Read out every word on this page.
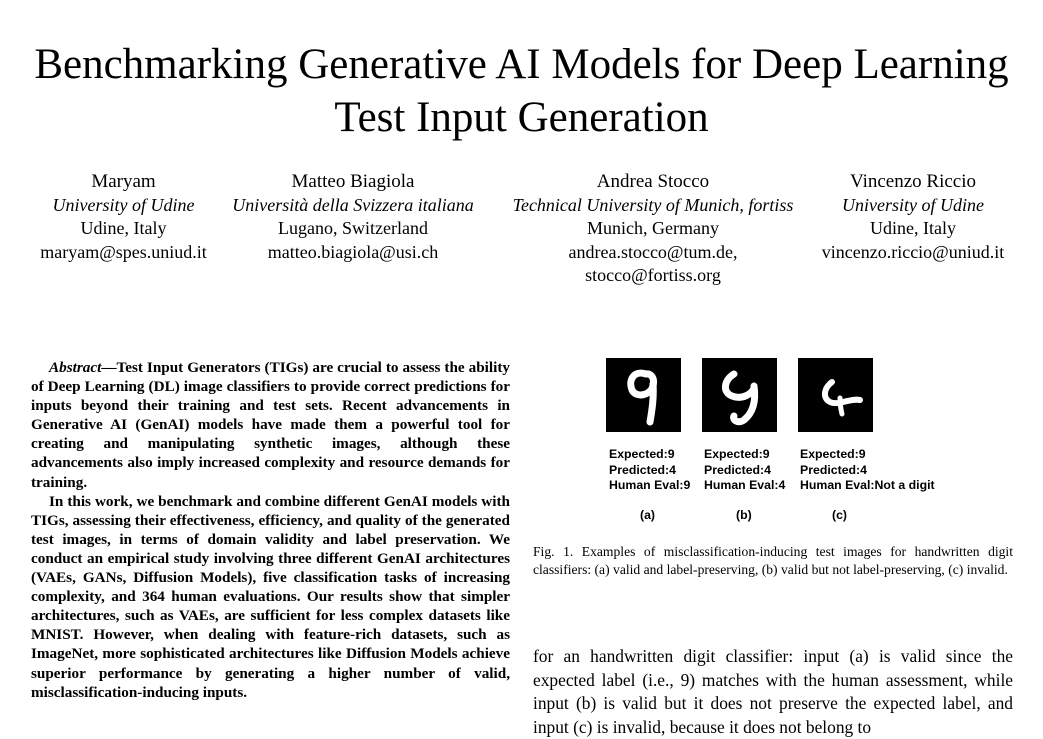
Benchmarking Generative AI Models for Deep Learning Test Input Generation
Maryam
University of Udine
Udine, Italy
maryam@spes.uniud.it
Matteo Biagiola
Università della Svizzera italiana
Lugano, Switzerland
matteo.biagiola@usi.ch
Andrea Stocco
Technical University of Munich, fortiss
Munich, Germany
andrea.stocco@tum.de,
stocco@fortiss.org
Vincenzo Riccio
University of Udine
Udine, Italy
vincenzo.riccio@uniud.it

Abstract—Test Input Generators (TIGs) are crucial to assess the ability of Deep Learning (DL) image classifiers to provide correct predictions for inputs beyond their training and test sets. Recent advancements in Generative AI (GenAI) models have made them a powerful tool for creating and manipulating synthetic images, although these advancements also imply increased complexity and resource demands for training.

In this work, we benchmark and combine different GenAI models with TIGs, assessing their effectiveness, efficiency, and quality of the generated test images, in terms of domain validity and label preservation. We conduct an empirical study involving three different GenAI architectures (VAEs, GANs, Diffusion Models), five classification tasks of increasing complexity, and 364 human evaluations. Our results show that simpler architectures, such as VAEs, are sufficient for less complex datasets like MNIST. However, when dealing with feature-rich datasets, such as ImageNet, more sophisticated architectures like Diffusion Models achieve superior performance by generating a higher number of valid, misclassification-inducing inputs.

Expected:9
Predicted:4
Human Eval:9
Expected:9
Predicted:4
Human Eval:4
Expected:9
Predicted:4
Human Eval:Not a digit
(a)	(b)	(c)
Fig. 1. Examples of misclassification-inducing test images for handwritten digit classifiers: (a) valid and label-preserving, (b) valid but not label-preserving, (c) invalid.
for an handwritten digit classifier: input (a) is valid since the expected label (i.e., 9) matches with the human assessment, while input (b) is valid but it does not preserve the expected label, and input (c) is invalid, because it does not belong to
